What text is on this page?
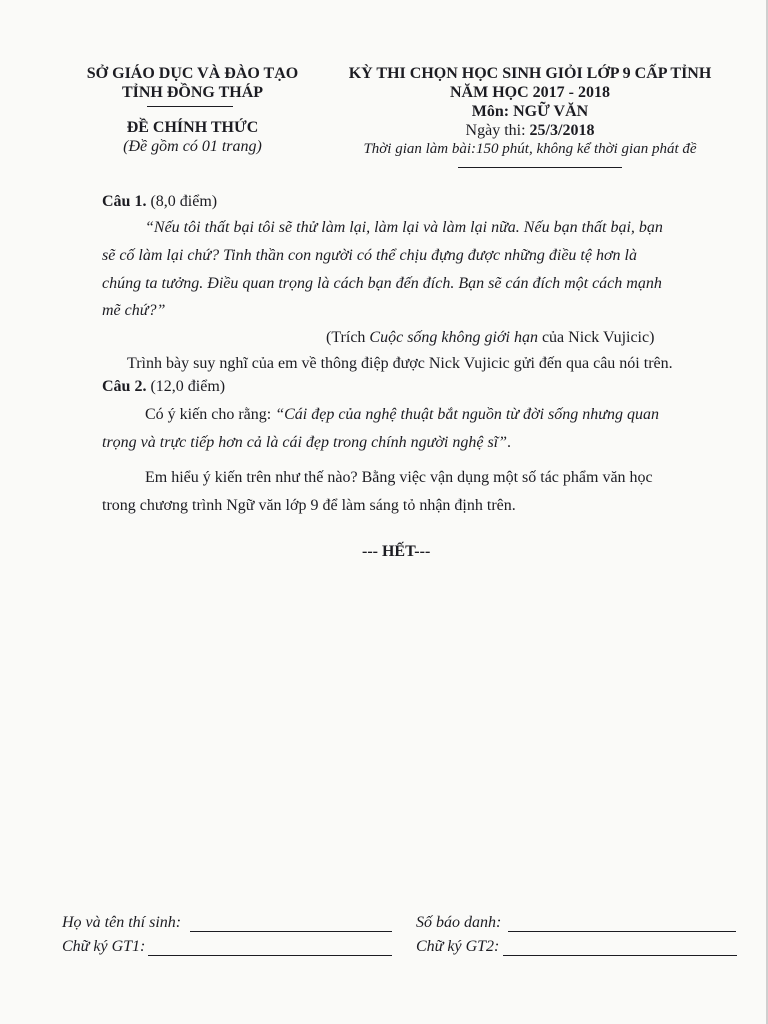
SỞ GIÁO DỤC VÀ ĐÀO TẠO
TỈNH ĐỒNG THÁP
ĐỀ CHÍNH THỨC
(Đề gồm có 01 trang)
KỲ THI CHỌN HỌC SINH GIỎI LỚP 9 CẤP TỈNH
NĂM HỌC 2017 - 2018
Môn: NGỮ VĂN
Ngày thi: 25/3/2018
Thời gian làm bài:150 phút, không kể thời gian phát đề
Câu 1. (8,0 điểm)
“Nếu tôi thất bại tôi sẽ thử làm lại, làm lại và làm lại nữa. Nếu bạn thất bại, bạn
sẽ cố làm lại chứ? Tinh thần con người có thể chịu đựng được những điều tệ hơn là
chúng ta tưởng. Điều quan trọng là cách bạn đến đích. Bạn sẽ cán đích một cách mạnh
mẽ chứ?”
(Trích Cuộc sống không giới hạn của Nick Vujicic)
Trình bày suy nghĩ của em về thông điệp được Nick Vujicic gửi đến qua câu nói trên.
Câu 2. (12,0 điểm)
Có ý kiến cho rằng: “Cái đẹp của nghệ thuật bắt nguồn từ đời sống nhưng quan
trọng và trực tiếp hơn cả là cái đẹp trong chính người nghệ sĩ”.
Em hiểu ý kiến trên như thế nào? Bằng việc vận dụng một số tác phẩm văn học
trong chương trình Ngữ văn lớp 9 để làm sáng tỏ nhận định trên.
--- HẾT---
Họ và tên thí sinh:	Số báo danh:
Chữ ký GT1:	Chữ ký GT2:
